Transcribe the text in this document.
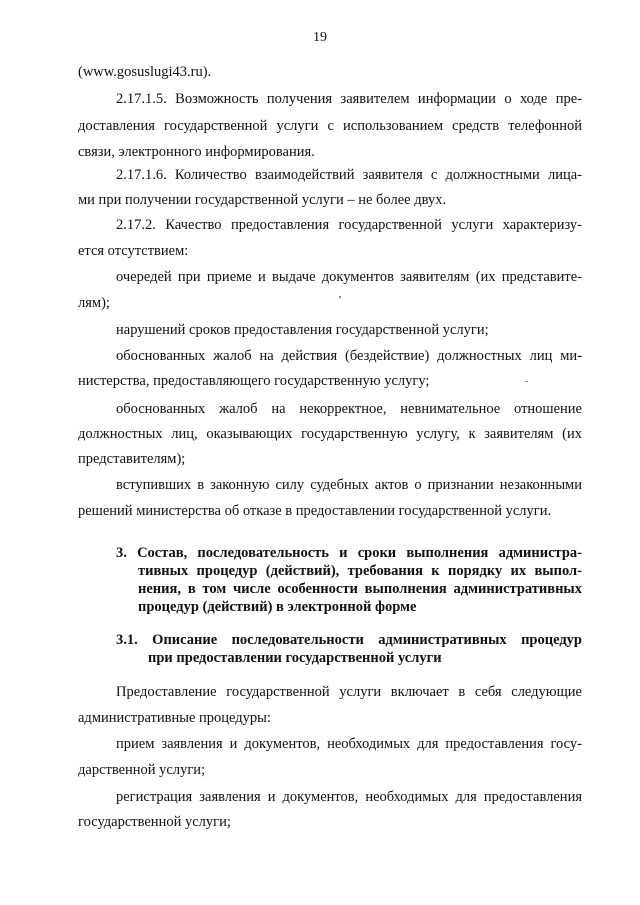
19
(www.gosuslugi43.ru).
2.17.1.5. Возможность получения заявителем информации о ходе пре-
доставления государственной услуги с использованием средств телефонной
связи, электронного информирования.
2.17.1.6. Количество взаимодействий заявителя с должностными лица-
ми при получении государственной услуги – не более двух.
2.17.2. Качество предоставления государственной услуги характеризу-
ется отсутствием:
очередей при приеме и выдаче документов заявителям (их представите-
лям);
нарушений сроков предоставления государственной услуги;
обоснованных жалоб на действия (бездействие) должностных лиц ми-
нистерства, предоставляющего государственную услугу;
обоснованных жалоб на некорректное, невнимательное отношение
должностных лиц, оказывающих государственную услугу, к заявителям (их
представителям);
вступивших в законную силу судебных актов о признании незаконными
решений министерства об отказе в предоставлении государственной услуги.
3. Состав, последовательность и сроки выполнения администра-
тивных процедур (действий), требования к порядку их выпол-
нения, в том числе особенности выполнения административных
процедур (действий) в электронной форме
3.1. Описание последовательности административных процедур
при предоставлении государственной услуги
Предоставление государственной услуги включает в себя следующие
административные процедуры:
прием заявления и документов, необходимых для предоставления госу-
дарственной услуги;
регистрация заявления и документов, необходимых для предоставления
государственной услуги;
